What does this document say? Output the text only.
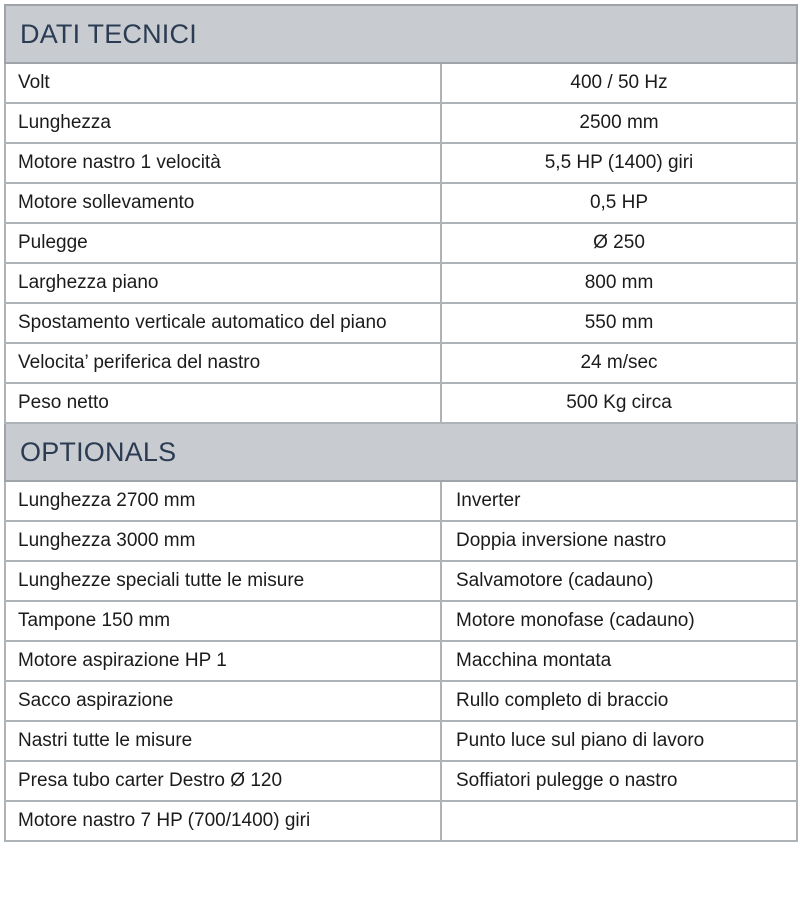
DATI TECNICI	
Volt	400 / 50 Hz
Lunghezza	2500 mm
Motore nastro 1 velocità	5,5 HP (1400) giri
Motore sollevamento	0,5 HP
Pulegge	Ø 250
Larghezza piano	800 mm
Spostamento verticale automatico del piano	550 mm
Velocita’ periferica del nastro	24 m/sec
Peso netto	500 Kg circa
OPTIONALS	
Lunghezza 2700 mm	Inverter
Lunghezza 3000 mm	Doppia inversione nastro
Lunghezze speciali tutte le misure	Salvamotore (cadauno)
Tampone 150 mm	Motore monofase (cadauno)
Motore aspirazione HP 1	Macchina montata
Sacco aspirazione	Rullo completo di braccio
Nastri tutte le misure	Punto luce sul piano di lavoro
Presa tubo carter Destro Ø 120	Soffiatori pulegge o nastro
Motore nastro 7 HP (700/1400) giri	
